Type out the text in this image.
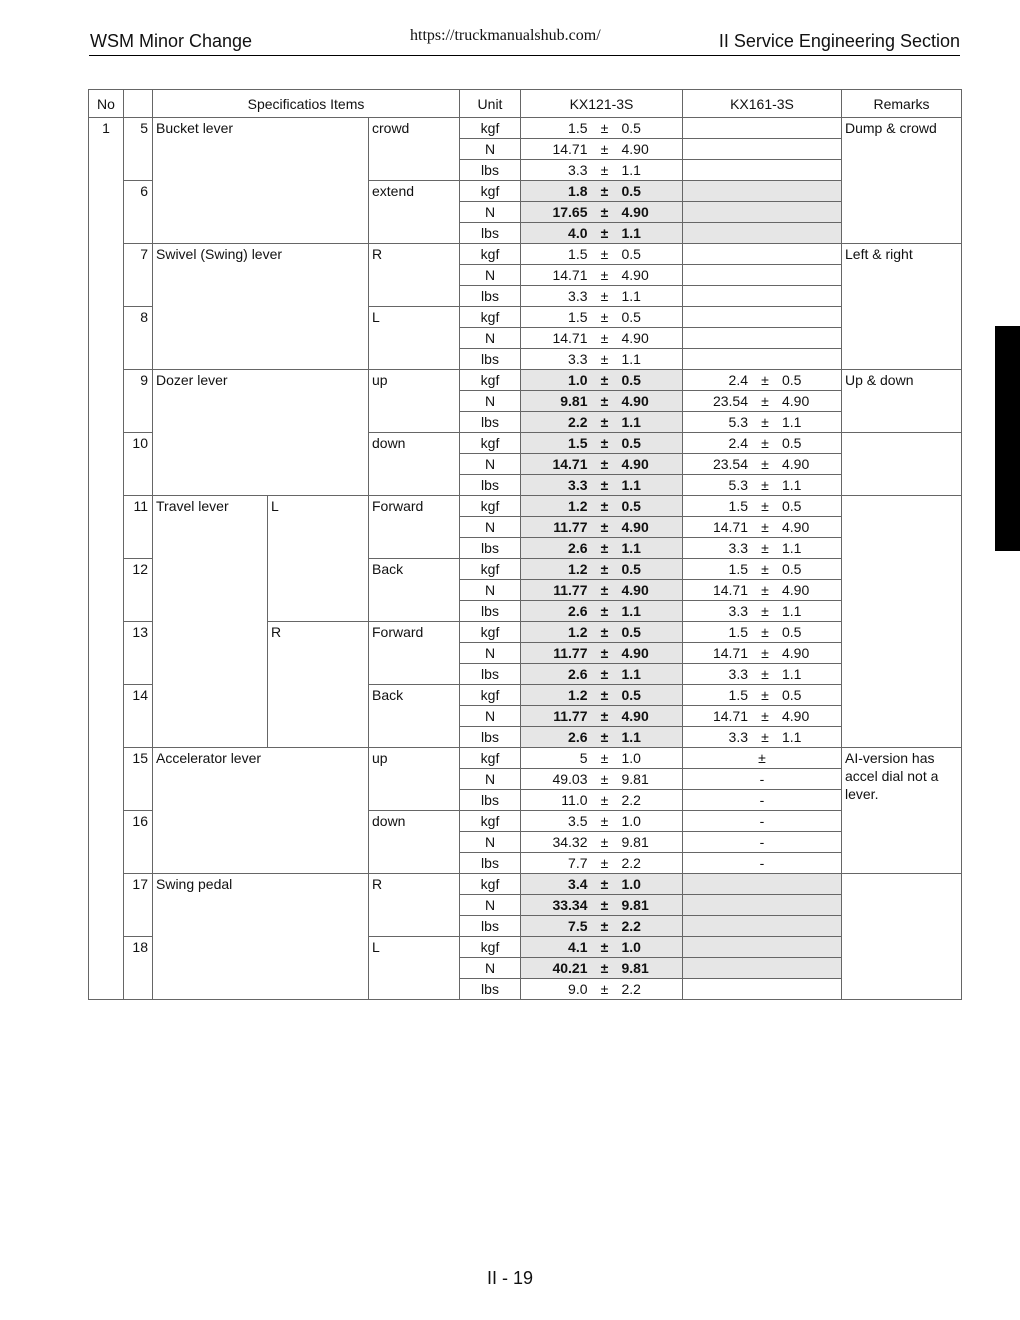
WSM Minor Change	https://truckmanualshub.com/	II Service Engineering Section
No		Specificatios Items			Unit	KX121-3S	KX161-3S	Remarks
1	5	Bucket lever		crowd	kgf	1.5 ± 0.5		Dump & crowd
					N	14.71 ± 4.90		
					lbs	3.3 ± 1.1		
	6			extend	kgf	1.8 ± 0.5		
					N	17.65 ± 4.90		
					lbs	4.0 ± 1.1		
	7	Swivel (Swing) lever		R	kgf	1.5 ± 0.5		Left & right
					N	14.71 ± 4.90		
					lbs	3.3 ± 1.1		
	8			L	kgf	1.5 ± 0.5		
					N	14.71 ± 4.90		
					lbs	3.3 ± 1.1		
	9	Dozer lever		up	kgf	1.0 ± 0.5	2.4 ± 0.5	Up & down
					N	9.81 ± 4.90	23.54 ± 4.90	
					lbs	2.2 ± 1.1	5.3 ± 1.1	
	10			down	kgf	1.5 ± 0.5	2.4 ± 0.5	
					N	14.71 ± 4.90	23.54 ± 4.90	
					lbs	3.3 ± 1.1	5.3 ± 1.1	
	11	Travel lever	L	Forward	kgf	1.2 ± 0.5	1.5 ± 0.5	
					N	11.77 ± 4.90	14.71 ± 4.90	
					lbs	2.6 ± 1.1	3.3 ± 1.1	
	12			Back	kgf	1.2 ± 0.5	1.5 ± 0.5	
					N	11.77 ± 4.90	14.71 ± 4.90	
					lbs	2.6 ± 1.1	3.3 ± 1.1	
	13		R	Forward	kgf	1.2 ± 0.5	1.5 ± 0.5	
					N	11.77 ± 4.90	14.71 ± 4.90	
					lbs	2.6 ± 1.1	3.3 ± 1.1	
	14			Back	kgf	1.2 ± 0.5	1.5 ± 0.5	
					N	11.77 ± 4.90	14.71 ± 4.90	
					lbs	2.6 ± 1.1	3.3 ± 1.1	
	15	Accelerator lever		up	kgf	5 ± 1.0	±	AI-version has accel dial not a lever.
					N	49.03 ± 9.81	-	
					lbs	11.0 ± 2.2	-	
	16			down	kgf	3.5 ± 1.0	-	
					N	34.32 ± 9.81	-	
					lbs	7.7 ± 2.2	-	
	17	Swing pedal		R	kgf	3.4 ± 1.0		
					N	33.34 ± 9.81		
					lbs	7.5 ± 2.2		
	18			L	kgf	4.1 ± 1.0		
					N	40.21 ± 9.81		
					lbs	9.0 ± 2.2		
II - 19
